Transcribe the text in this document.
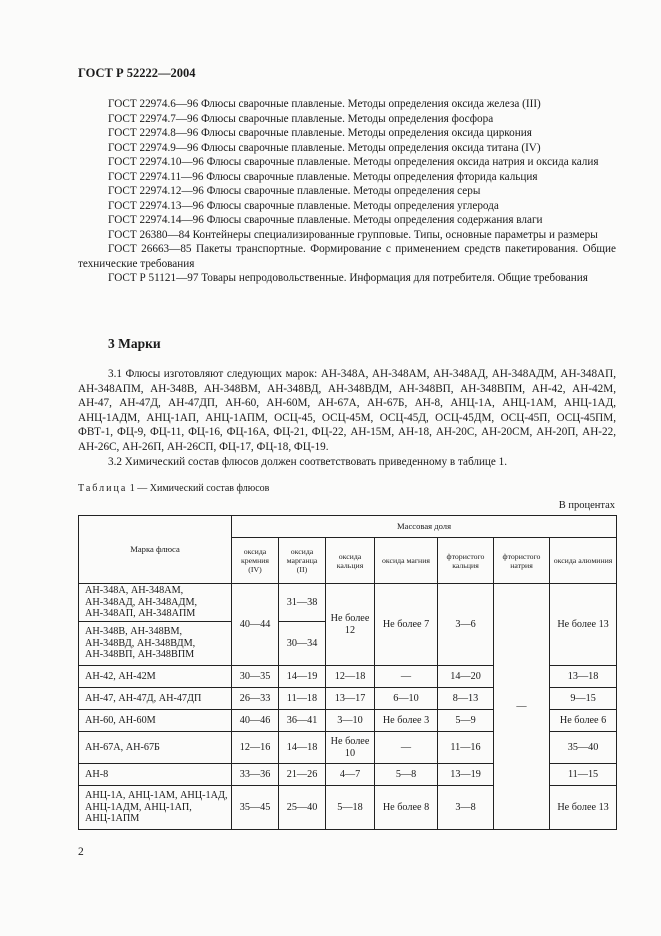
ГОСТ Р 52222—2004
ГОСТ 22974.6—96 Флюсы сварочные плавленые. Методы определения оксида железа (III)
ГОСТ 22974.7—96 Флюсы сварочные плавленые. Методы определения фосфора
ГОСТ 22974.8—96 Флюсы сварочные плавленые. Методы определения оксида циркония
ГОСТ 22974.9—96 Флюсы сварочные плавленые. Методы определения оксида титана (IV)
ГОСТ 22974.10—96 Флюсы сварочные плавленые. Методы определения оксида натрия и оксида калия
ГОСТ 22974.11—96 Флюсы сварочные плавленые. Методы определения фторида кальция
ГОСТ 22974.12—96 Флюсы сварочные плавленые. Методы определения серы
ГОСТ 22974.13—96 Флюсы сварочные плавленые. Методы определения углерода
ГОСТ 22974.14—96 Флюсы сварочные плавленые. Методы определения содержания влаги
ГОСТ 26380—84 Контейнеры специализированные групповые. Типы, основные параметры и размеры
ГОСТ 26663—85 Пакеты транспортные. Формирование с применением средств пакетирования. Общие технические требования
ГОСТ Р 51121—97 Товары непродовольственные. Информация для потребителя. Общие требования
3 Марки
3.1 Флюсы изготовляют следующих марок: АН-348А, АН-348АМ, АН-348АД, АН-348АДМ, АН-348АП, АН-348АПМ, АН-348В, АН-348ВМ, АН-348ВД, АН-348ВДМ, АН-348ВП, АН-348ВПМ, АН-42, АН-42М, АН-47, АН-47Д, АН-47ДП, АН-60, АН-60М, АН-67А, АН-67Б, АН-8, АНЦ-1А, АНЦ-1АМ, АНЦ-1АД, АНЦ-1АДМ, АНЦ-1АП, АНЦ-1АПМ, ОСЦ-45, ОСЦ-45М, ОСЦ-45Д, ОСЦ-45ДМ, ОСЦ-45П, ОСЦ-45ПМ, ФВТ-1, ФЦ-9, ФЦ-11, ФЦ-16, ФЦ-16А, ФЦ-21, ФЦ-22, АН-15М, АН-18, АН-20С, АН-20СМ, АН-20П, АН-22, АН-26С, АН-26П, АН-26СП, ФЦ-17, ФЦ-18, ФЦ-19.
3.2 Химический состав флюсов должен соответствовать приведенному в таблице 1.
Таблица 1 — Химический состав флюсов
В процентах
Марка флюса	Массовая доля						
	оксида кремния (IV)	оксида марганца (II)	оксида кальция	оксида магния	фтористого кальция	фтористого натрия	оксида алюминия
АН-348А, АН-348АМ, АН-348АД, АН-348АДМ, АН-348АП, АН-348АПМ	40—44	31—38	Не более 12	Не более 7	3—6	—	Не более 13
АН-348В, АН-348ВМ, АН-348ВД, АН-348ВДМ, АН-348ВП, АН-348ВПМ		30—34					
АН-42, АН-42М	30—35	14—19	12—18	—	14—20		13—18
АН-47, АН-47Д, АН-47ДП	26—33	11—18	13—17	6—10	8—13		9—15
АН-60, АН-60М	40—46	36—41	3—10	Не более 3	5—9		Не более 6
АН-67А, АН-67Б	12—16	14—18	Не более 10	—	11—16		35—40
АН-8	33—36	21—26	4—7	5—8	13—19		11—15
АНЦ-1А, АНЦ-1АМ, АНЦ-1АД, АНЦ-1АДМ, АНЦ-1АП, АНЦ-1АПМ	35—45	25—40	5—18	Не более 8	3—8		Не более 13
2
